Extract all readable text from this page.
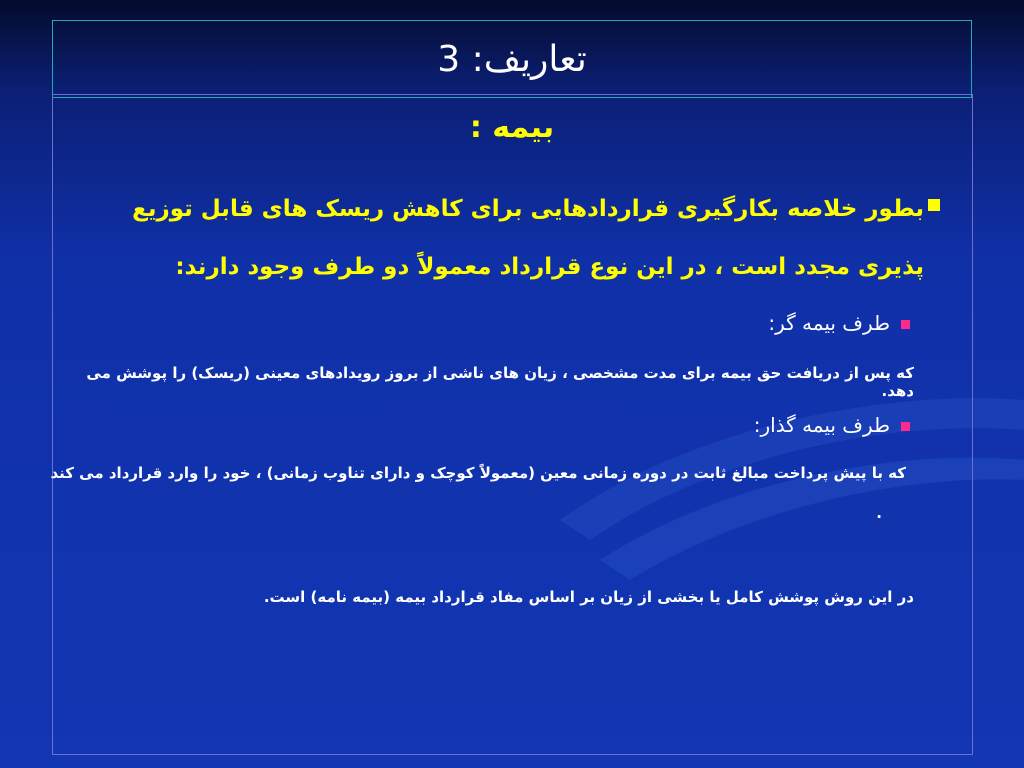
تعاریف: 3
بیمه :
بطور خلاصه بکارگیری قراردادهایی برای کاهش ریسک های قابل توزیع پذیری مجدد است ، در این نوع قرارداد معمولاً دو طرف وجود دارند:
طرف بیمه گر:
که پس از دریافت حق بیمه برای مدت مشخصی ، زیان های ناشی از بروز رویدادهای معینی (ریسک) را پوشش می دهد.
طرف بیمه گذار:
که با پیش پرداخت مبالغ ثابت در دوره زمانی معین (معمولاً کوچک و دارای تناوب زمانی) ، خود را وارد قرارداد می کند
.
در این روش پوشش کامل یا بخشی از زیان بر اساس مفاد قرارداد بیمه (بیمه نامه) است.
